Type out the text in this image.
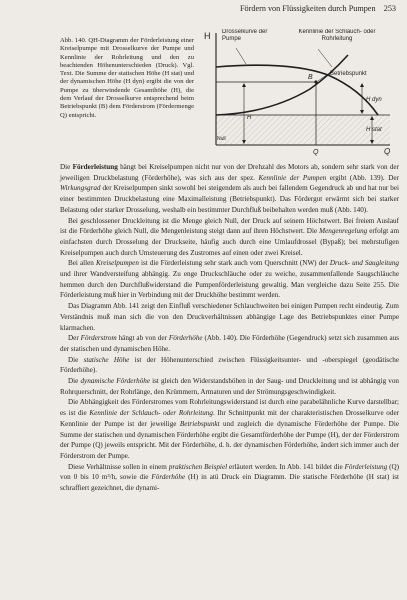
Fördern von Flüssigkeiten durch Pumpen 253
Abb. 140. QH-Diagramm der Förderleistung einer Kreiselpumpe mit Drosselkurve der Pumpe und Kennlinie der Rohrleitung und den zu beachtenden Höhenunterschieden (Druck). Vgl. Text. Die Summe der statischen Höhe (H stat) und der dynamischen Höhe (H dyn) ergibt die von der Pumpe zu überwindende Gesamthöhe (H), die dem Verlauf der Drosselkurve entsprechend beim Betriebspunkt (B) dem Förderstrom (Fördermenge Q) entspricht.
H Drosselkurve der Pumpe
Kennlinie der Schlauch- oder Rohrleitung
Betriebspunkt
B
H dyn
H
H stat
Null
Q	Q

Die Förderleistung hängt bei Kreiselpumpen nicht nur von der Drehzahl des Motors ab, sondern sehr stark von der jeweiligen Druckbelastung (Förderhöhe), was sich aus der spez. Kennlinie der Pumpen ergibt (Abb. 139). Der Wirkungsgrad der Kreiselpumpen sinkt sowohl bei steigendem als auch bei fallendem Gegendruck ab und hat nur bei einer bestimmten Druckbelastung eine Maximalleistung (Betriebspunkt). Das Fördergut erwärmt sich bei starker Belastung oder starker Drosselung, weshalb ein bestimmter Durchfluß beibehalten werden muß (Abb. 140).

Bei geschlossener Druckleitung ist die Menge gleich Null, der Druck auf seinem Höchstwert. Bei freiem Auslauf ist die Förderhöhe gleich Null, die Mengenleistung steigt dann auf ihren Höchstwert. Die Mengenregelung erfolgt am einfachsten durch Drosselung der Druckseite, häufig auch durch eine Umlaufdrossel (Bypaß); bei mehrstufigen Kreiselpumpen auch durch Umsteuerung des Zustromes auf einen oder zwei Kreisel.

Bei allen Kreiselpumpen ist die Förderleistung sehr stark auch vom Querschnitt (NW) der Druck- und Saugleitung und ihrer Wandversteifung abhängig. Zu enge Druckschläuche oder zu weiche, zusammenfallende Saugschläuche hemmen durch den Durchflußwiderstand die Pumpenförderleistung gewaltig. Man vergleiche dazu Seite 255. Die Förderleistung muß hier in Verbindung mit der Druckhöhe bestimmt werden.

Das Diagramm Abb. 141 zeigt den Einfluß verschiedener Schlauchweiten bei einigen Pumpen recht eindeutig. Zum Verständnis muß man sich die von den Druckverhältnissen abhängige Lage des Betriebspunktes einer Pumpe klarmachen.

Der Förderstrom hängt ab von der Förderhöhe (Abb. 140). Die Förderhöhe (Gegendruck) setzt sich zusammen aus der statischen und dynamischen Höhe.

Die statische Höhe ist der Höhenunterschied zwischen Flüssigkeitsunter- und -oberspiegel (geodätische Förderhöhe).

Die dynamische Förderhöhe ist gleich den Widerstandshöhen in der Saug- und Druckleitung und ist abhängig von Rohrquerschnitt, der Rohrlänge, den Krümmern, Armaturen und der Strömungsgeschwindigkeit.

Die Abhängigkeit des Förderstromes vom Rohrleitungswiderstand ist durch eine parabelähnliche Kurve darstellbar; es ist die Kennlinie der Schlauch- oder Rohrleitung. Ihr Schnittpunkt mit der charakteristischen Drosselkurve oder Kennlinie der Pumpe ist der jeweilige Betriebspunkt und zugleich die dynamische Förderhöhe der Pumpe. Die Summe der statischen und dynamischen Förderhöhe ergibt die Gesamtförderhöhe der Pumpe (H), der der Förderstrom der Pumpe (Q) jeweils entspricht. Mit der Förderhöhe, d. h. der dynamischen Förderhöhe, ändert sich immer auch der Förderstrom der Pumpe.

Diese Verhältnisse sollen in einem praktischen Beispiel erläutert werden. In Abb. 141 bildet die Förderleistung (Q) von 0 bis 10 m³/h, sowie die Förderhöhe (H) in atü Druck ein Diagramm. Die statische Förderhöhe (H stat) ist schraffiert gezeichnet, die dynami-
